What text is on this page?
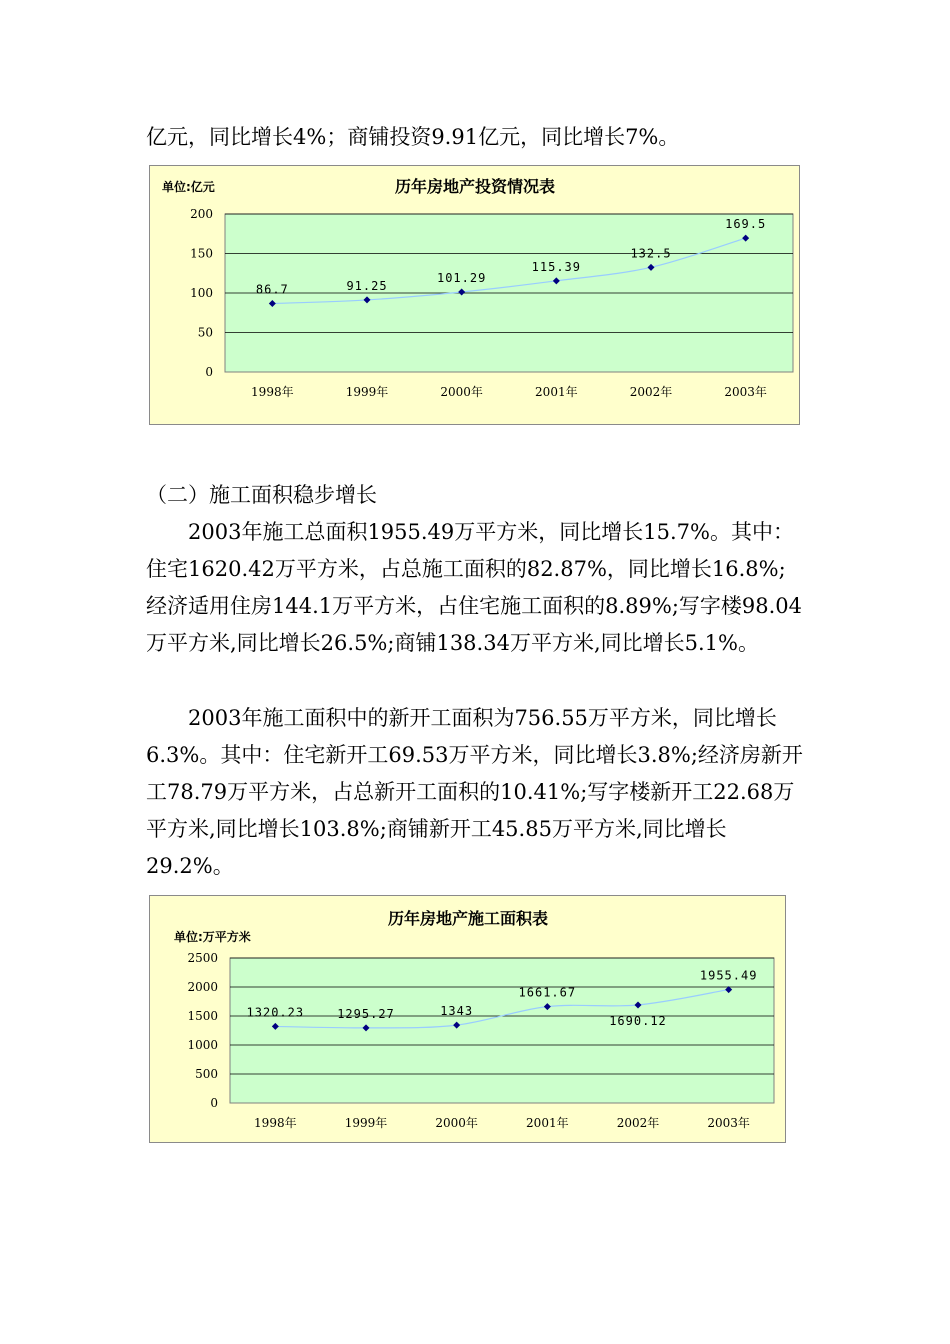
亿元，同比增长4%；商铺投资9.91亿元，同比增长7%。

单位:亿元	历年房地产投资情况表
0
50
100
150
200
1998年	1999年	2000年	2001年	2002年	2003年
86.7	91.25
101.29
115.39
132.5
169.5

（二）施工面积稳步增长

2003年施工总面积1955.49万平方米，同比增长15.7%。其中：住宅1620.42万平方米，占总施工面积的82.87%，同比增长16.8%;经济适用住房144.1万平方米，占住宅施工面积的8.89%;写字楼98.04万平方米,同比增长26.5%;商铺138.34万平方米,同比增长5.1%。

2003年施工面积中的新开工面积为756.55万平方米，同比增长6.3%。其中：住宅新开工69.53万平方米，同比增长3.8%;经济房新开工78.79万平方米，占总新开工面积的10.41%;写字楼新开工22.68万平方米,同比增长103.8%;商铺新开工45.85万平方米,同比增长29.2%。

历年房地产施工面积表
单位:万平方米
0
500
1000
1500
2000
2500
1998年	1999年	2000年	2001年	2002年	2003年
1320.23	1295.27	1343
1661.67
1690.12
1955.49
